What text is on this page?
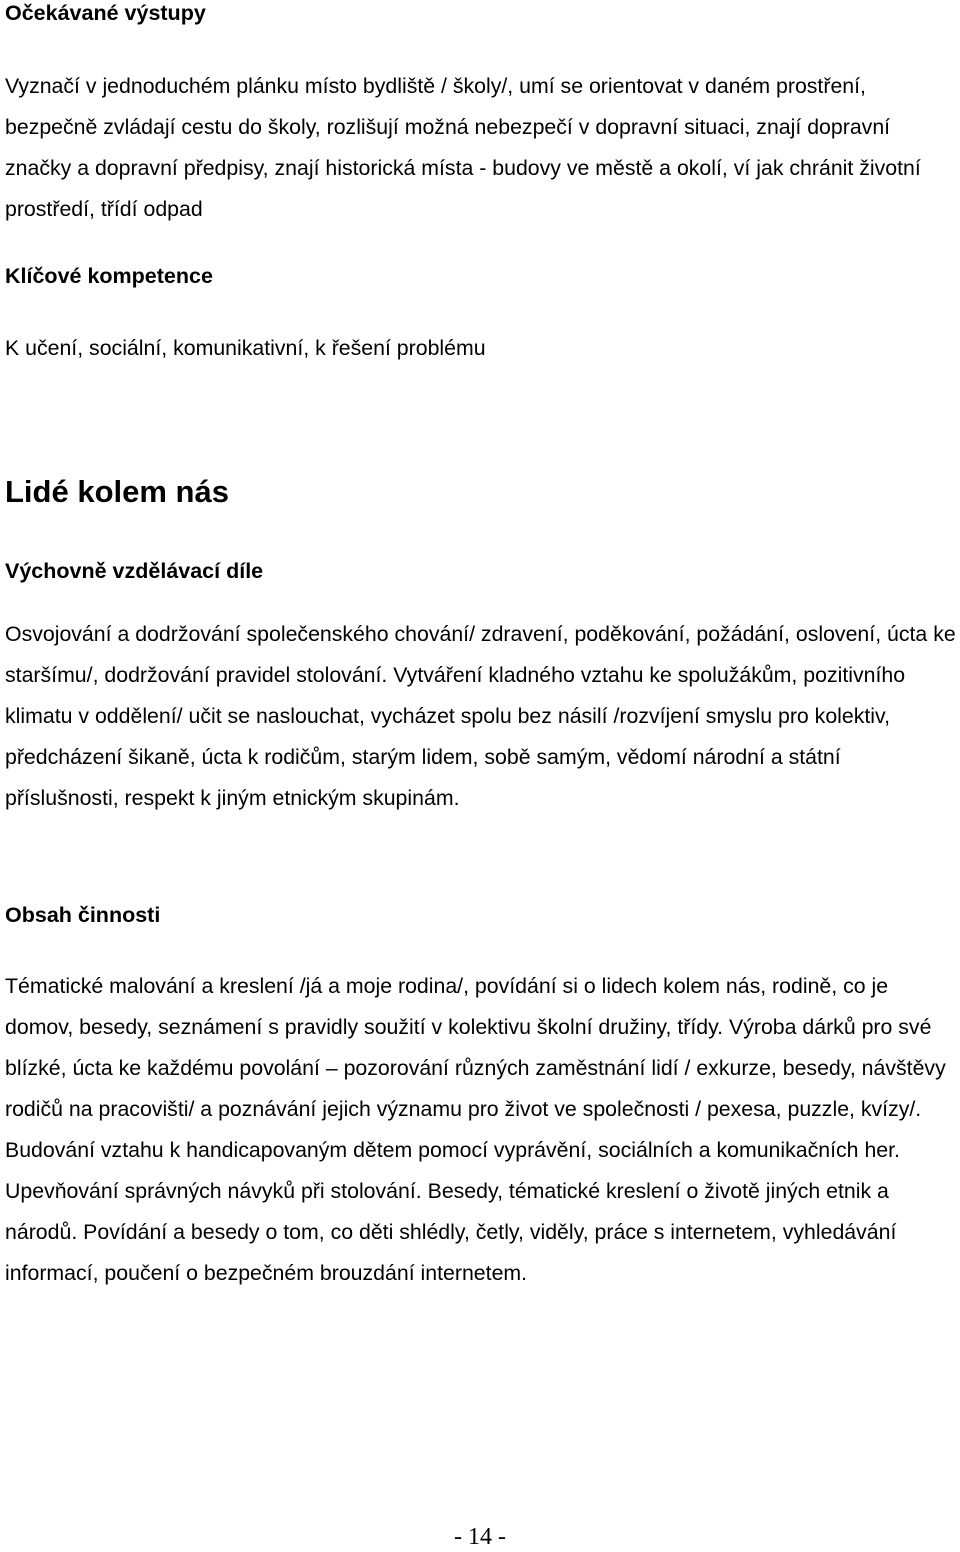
Očekávané výstupy

Vyznačí v jednoduchém plánku místo bydliště / školy/, umí se orientovat v daném prostření, bezpečně zvládají cestu do školy, rozlišují možná nebezpečí v dopravní situaci, znají dopravní značky a dopravní předpisy, znají historická místa - budovy ve městě a okolí, ví jak chránit životní prostředí, třídí odpad

Klíčové kompetence

K učení, sociální, komunikativní, k řešení problému

Lidé kolem nás
Výchovně vzdělávací díle

Osvojování a dodržování společenského chování/ zdravení, poděkování, požádání, oslovení, úcta ke staršímu/, dodržování pravidel stolování. Vytváření kladného vztahu ke spolužákům, pozitivního klimatu v oddělení/ učit se naslouchat, vycházet spolu bez násilí /rozvíjení smyslu pro kolektiv, předcházení šikaně, úcta k rodičům, starým lidem, sobě samým, vědomí národní a státní příslušnosti, respekt k jiným etnickým skupinám.

Obsah činnosti

Tématické malování a kreslení /já a moje rodina/, povídání si o lidech kolem nás, rodině, co je domov, besedy, seznámení s pravidly soužití v kolektivu školní družiny, třídy. Výroba dárků pro své blízké, úcta ke každému povolání – pozorování různých zaměstnání lidí / exkurze, besedy, návštěvy rodičů na pracovišti/ a poznávání jejich významu pro život ve společnosti / pexesa, puzzle, kvízy/. Budování vztahu k handicapovaným dětem pomocí vyprávění, sociálních a komunikačních her. Upevňování správných návyků při stolování. Besedy, tématické kreslení o životě jiných etnik a národů. Povídání a besedy o tom, co děti shlédly, četly, viděly, práce s internetem, vyhledávání informací, poučení o bezpečném brouzdání internetem.

- 14 -
